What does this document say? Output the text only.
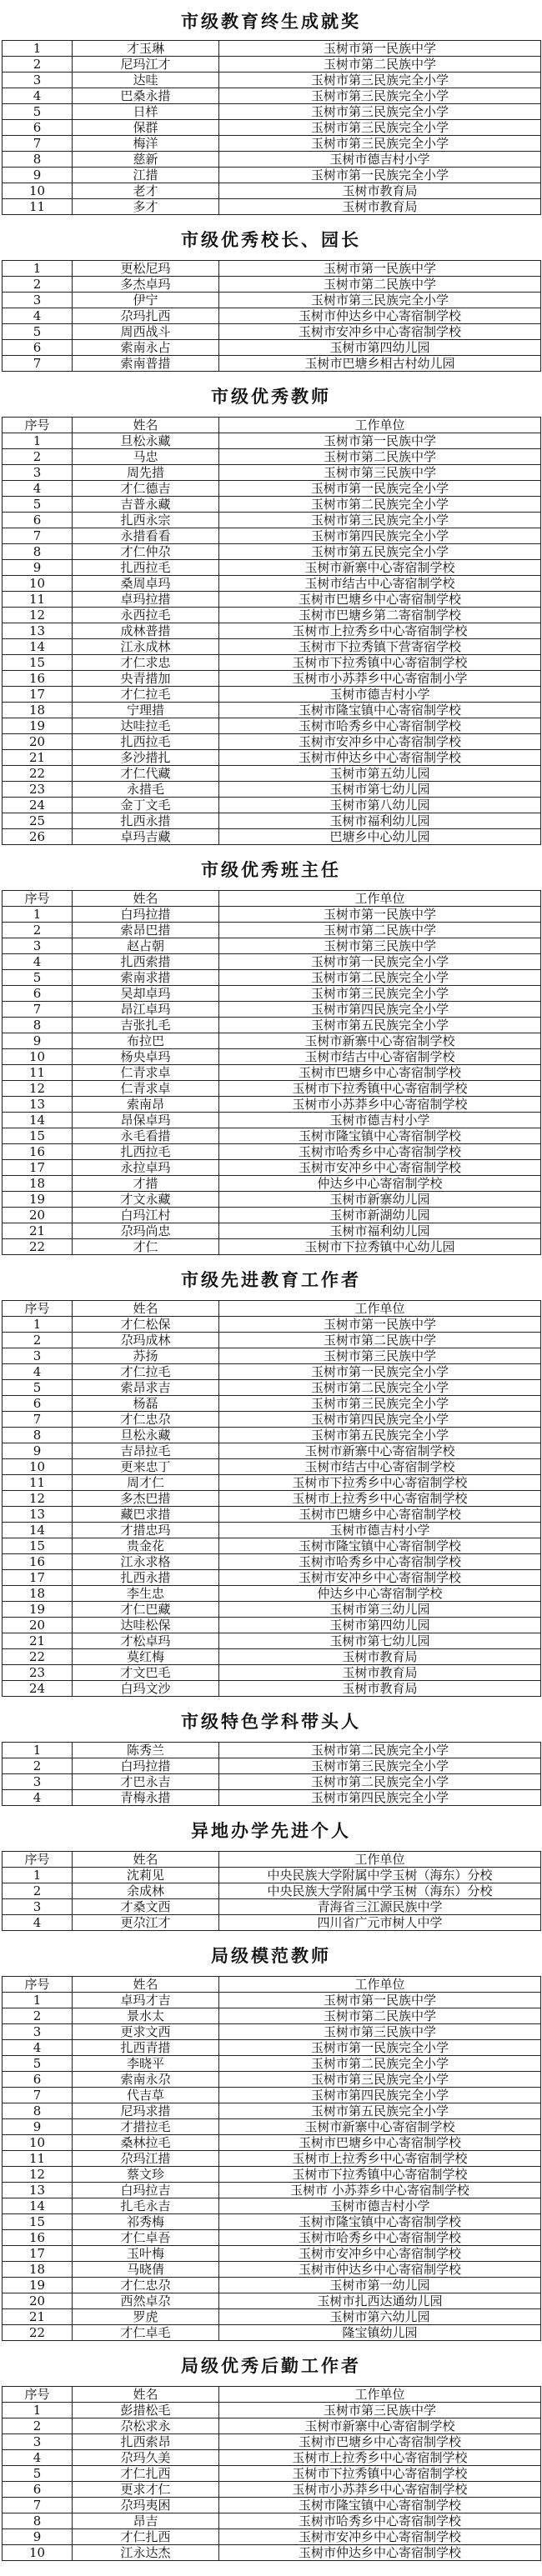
市级教育终生成就奖
1	才玉琳	玉树市第一民族中学
2	尼玛江才	玉树市第二民族中学
3	达哇	玉树市第三民族完全小学
4	巴桑永措	玉树市第三民族完全小学
5	日样	玉树市第三民族完全小学
6	保群	玉树市第三民族完全小学
7	梅洋	玉树市第三民族完全小学
8	慈新	玉树市德吉村小学
9	江措	玉树市第一民族完全小学
10	老才	玉树市教育局
11	多才	玉树市教育局
市级优秀校长、园长
1	更松尼玛	玉树市第一民族中学
2	多杰卓玛	玉树市第二民族中学
3	伊宁	玉树市第三民族完全小学
4	尕玛扎西	玉树市仲达乡中心寄宿制学校
5	周西战斗	玉树市安冲乡中心寄宿制学校
6	索南永占	玉树市第四幼儿园
7	索南普措	玉树市巴塘乡相古村幼儿园
市级优秀教师
序号	姓名	工作单位
1	旦松永藏	玉树市第一民族中学
2	马忠	玉树市第二民族中学
3	周先措	玉树市第三民族中学
4	才仁德吉	玉树市第一民族完全小学
5	吉普永藏	玉树市第二民族完全小学
6	扎西永宗	玉树市第三民族完全小学
7	永措看看	玉树市第四民族完全小学
8	才仁仲尕	玉树市第五民族完全小学
9	扎西拉毛	玉树市新寨中心寄宿制学校
10	桑周卓玛	玉树市结古中心寄宿制学校
11	卓玛拉措	玉树市巴塘乡中心寄宿制学校
12	永西拉毛	玉树市巴塘乡第二寄宿制学校
13	成林普措	玉树市上拉秀乡中心寄宿制学校
14	江永成林	玉树市下拉秀镇下营寄宿学校
15	才仁求忠	玉树市下拉秀镇中心寄宿制学校
16	央青措加	玉树市小苏莽乡中心寄宿制小学
17	才仁拉毛	玉树市德吉村小学
18	宁理措	玉树市隆宝镇中心寄宿制学校
19	达哇拉毛	玉树市哈秀乡中心寄宿制学校
20	扎西拉毛	玉树市安冲乡中心寄宿制学校
21	多沙措扎	玉树市仲达乡中心寄宿制学校
22	才仁代藏	玉树市第五幼儿园
23	永措毛	玉树市第七幼儿园
24	金丁文毛	玉树市第八幼儿园
25	扎西永措	玉树市福利幼儿园
26	卓玛吉藏	巴塘乡中心幼儿园
市级优秀班主任
序号	姓名	工作单位
1	白玛拉措	玉树市第一民族中学
2	索昂巴措	玉树市第二民族中学
3	赵占朝	玉树市第三民族中学
4	扎西索措	玉树市第一民族完全小学
5	索南求措	玉树市第二民族完全小学
6	吴却卓玛	玉树市第三民族完全小学
7	昂江卓玛	玉树市第四民族完全小学
8	吉张扎毛	玉树市第五民族完全小学
9	布拉巴	玉树市新寨中心寄宿制学校
10	杨央卓玛	玉树市结古中心寄宿制学校
11	仁青求卓	玉树市巴塘乡中心寄宿制学校
12	仁青求卓	玉树市下拉秀镇中心寄宿制学校
13	索南昂	玉树市小苏莽乡中心寄宿制学校
14	昂保卓玛	玉树市德吉村小学
15	永毛看措	玉树市隆宝镇中心寄宿制学校
16	扎西拉毛	玉树市哈秀乡中心寄宿制学校
17	永拉卓玛	玉树市安冲乡中心寄宿制学校
18	才措	仲达乡中心寄宿制学校
19	才文永藏	玉树市新寨幼儿园
20	白玛江村	玉树市新湖幼儿园
21	尕玛尚忠	玉树市福利幼儿园
22	才仁	玉树市下拉秀镇中心幼儿园
市级先进教育工作者
序号	姓名	工作单位
1	才仁松保	玉树市第一民族中学
2	尕玛成林	玉树市第二民族中学
3	苏扬	玉树市第三民族中学
4	才仁拉毛	玉树市第一民族完全小学
5	索昂求吉	玉树市第二民族完全小学
6	杨磊	玉树市第三民族完全小学
7	才仁忠尕	玉树市第四民族完全小学
8	旦松永藏	玉树市第五民族完全小学
9	吉昂拉毛	玉树市新寨中心寄宿制学校
10	更来忠丁	玉树市结古中心寄宿制学校
11	周才仁	玉树市下拉秀乡中心寄宿制学校
12	多杰巴措	玉树市上拉秀乡中心寄宿制学校
13	藏巴求措	玉树市巴塘乡中心寄宿制学校
14	才措忠玛	玉树市德吉村小学
15	贵金花	玉树市隆宝镇中心寄宿制学校
16	江永求格	玉树市哈秀乡中心寄宿制学校
17	扎西永措	玉树市安冲乡中心寄宿制学校
18	李生忠	仲达乡中心寄宿制学校
19	才仁巴藏	玉树市第三幼儿园
20	达哇松保	玉树市第四幼儿园
21	才松卓玛	玉树市第七幼儿园
22	莫红梅	玉树市教育局
23	才文巴毛	玉树市教育局
24	白玛文沙	玉树市教育局
市级特色学科带头人
1	陈秀兰	玉树市第二民族完全小学
2	白玛拉措	玉树市第三民族完全小学
3	才巴永吉	玉树市第二民族完全小学
4	青梅永措	玉树市第四民族完全小学
异地办学先进个人
序号	姓名	工作单位
1	沈莉见	中央民族大学附属中学玉树（海东）分校
2	余成林	中央民族大学附属中学玉树（海东）分校
3	才桑文西	青海省三江源民族中学
4	更尕江才	四川省广元市树人中学
局级模范教师
序号	姓名	工作单位
1	卓玛才吉	玉树市第一民族中学
2	景水太	玉树市第二民族中学
3	更求文西	玉树市第三民族中学
4	扎西青措	玉树市第一民族完全小学
5	李晓平	玉树市第二民族完全小学
6	索南永尕	玉树市第三民族完全小学
7	代吉草	玉树市第四民族完全小学
8	尼玛求措	玉树市第五民族完全小学
9	才措拉毛	玉树市新寨中心寄宿制学校
10	桑林拉毛	玉树市巴塘乡中心寄宿制学校
11	尕玛江措	玉树市上拉秀乡中心寄宿制学校
12	蔡文珍	玉树市下拉秀镇中心寄宿制学校
13	白玛拉吉	玉树市 小苏莽乡中心寄宿制学校
14	扎毛永吉	玉树市德吉村小学
15	祁秀梅	玉树市隆宝镇中心寄宿制学校
16	才仁卓吾	玉树市哈秀乡中心寄宿制学校
17	玉叶梅	玉树市安冲乡中心寄宿制学校
18	马晓倩	玉树市仲达乡中心寄宿制学校
19	才仁忠尕	玉树市第一幼儿园
20	西然卓尕	玉树市扎西达通幼儿园
21	罗虎	玉树市第六幼儿园
22	才仁卓毛	隆宝镇幼儿园
局级优秀后勤工作者
序号	姓名	工作单位
1	彭措松毛	玉树市第三民族中学
2	尕松求永	玉树市新寨中心寄宿制学校
3	扎西索昂	玉树市巴塘乡中心寄宿制学校
4	尕玛久美	玉树市上拉秀乡中心寄宿制学校
5	才仁扎西	玉树市下拉秀镇中心寄宿制学校
6	更求才仁	玉树市小苏莽乡中心寄宿制学校
7	尕玛夷困	玉树市隆宝镇中心寄宿制学校
8	昂吉	玉树市哈秀乡中心寄宿制学校
9	才仁扎西	玉树市安冲乡中心寄宿制学校
10	江永达杰	玉树市仲达乡中心寄宿制学校
